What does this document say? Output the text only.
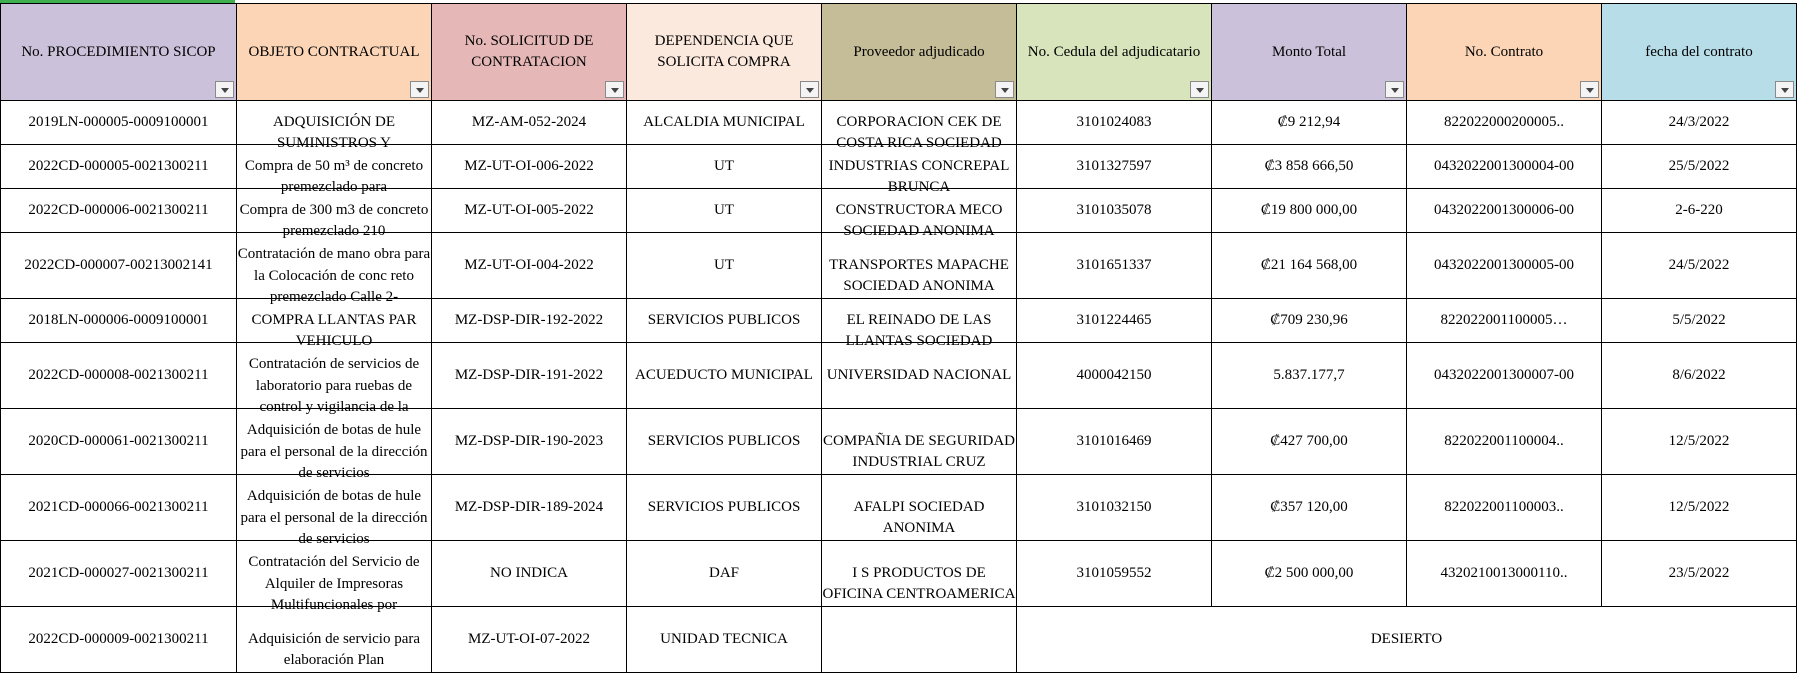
No. PROCEDIMIENTO SICOP	OBJETO CONTRACTUAL	No. SOLICITUD DE CONTRATACION	DEPENDENCIA QUE SOLICITA COMPRA	Proveedor adjudicado	No. Cedula del adjudicatario	Monto Total	No. Contrato	fecha del contrato

2019LN-000005-0009100001	ADQUISICIÓN DE SUMINISTROS Y	MZ-AM-052-2024	ALCALDIA MUNICIPAL	CORPORACION CEK DE COSTA RICA SOCIEDAD	3101024083	₡9 212,94	822022000200005..	24/3/2022

2022CD-000005-0021300211	Compra de 50 m³ de concreto premezclado para	MZ-UT-OI-006-2022	UT	INDUSTRIAS CONCREPAL BRUNCA	3101327597	₡3 858 666,50	0432022001300004-00	25/5/2022

2022CD-000006-0021300211	Compra de 300 m3 de concreto premezclado 210	MZ-UT-OI-005-2022	UT	CONSTRUCTORA MECO SOCIEDAD ANONIMA	3101035078	₡19 800 000,00	0432022001300006-00	2-6-220

2022CD-000007-00213002141	Contratación de mano obra para la Colocación de conc reto premezclado Calle 2-	MZ-UT-OI-004-2022	UT	TRANSPORTES MAPACHE SOCIEDAD ANONIMA	3101651337	₡21 164 568,00	0432022001300005-00	24/5/2022

2018LN-000006-0009100001	COMPRA LLANTAS PAR VEHICULO	MZ-DSP-DIR-192-2022	SERVICIOS PUBLICOS	EL REINADO DE LAS LLANTAS SOCIEDAD	3101224465	₡709 230,96	822022001100005…	5/5/2022

2022CD-000008-0021300211	Contratación de servicios de laboratorio para ruebas de control y vigilancia de la	MZ-DSP-DIR-191-2022	ACUEDUCTO MUNICIPAL	UNIVERSIDAD NACIONAL	4000042150	5.837.177,7	0432022001300007-00	8/6/2022

2020CD-000061-0021300211	Adquisición de botas de hule para el personal de la dirección de servicios	MZ-DSP-DIR-190-2023	SERVICIOS PUBLICOS	COMPAÑIA DE SEGURIDAD INDUSTRIAL CRUZ	3101016469	₡427 700,00	822022001100004..	12/5/2022

2021CD-000066-0021300211	Adquisición de botas de hule para el personal de la dirección de servicios	MZ-DSP-DIR-189-2024	SERVICIOS PUBLICOS	AFALPI SOCIEDAD ANONIMA	3101032150	₡357 120,00	822022001100003..	12/5/2022

2021CD-000027-0021300211	Contratación del Servicio de Alquiler de Impresoras Multifuncionales por	NO INDICA	DAF	I S PRODUCTOS DE OFICINA CENTROAMERICA	3101059552	₡2 500 000,00	4320210013000110..	23/5/2022

2022CD-000009-0021300211	Adquisición de servicio para elaboración Plan	MZ-UT-OI-07-2022	UNIDAD TECNICA		DESIERTO			
